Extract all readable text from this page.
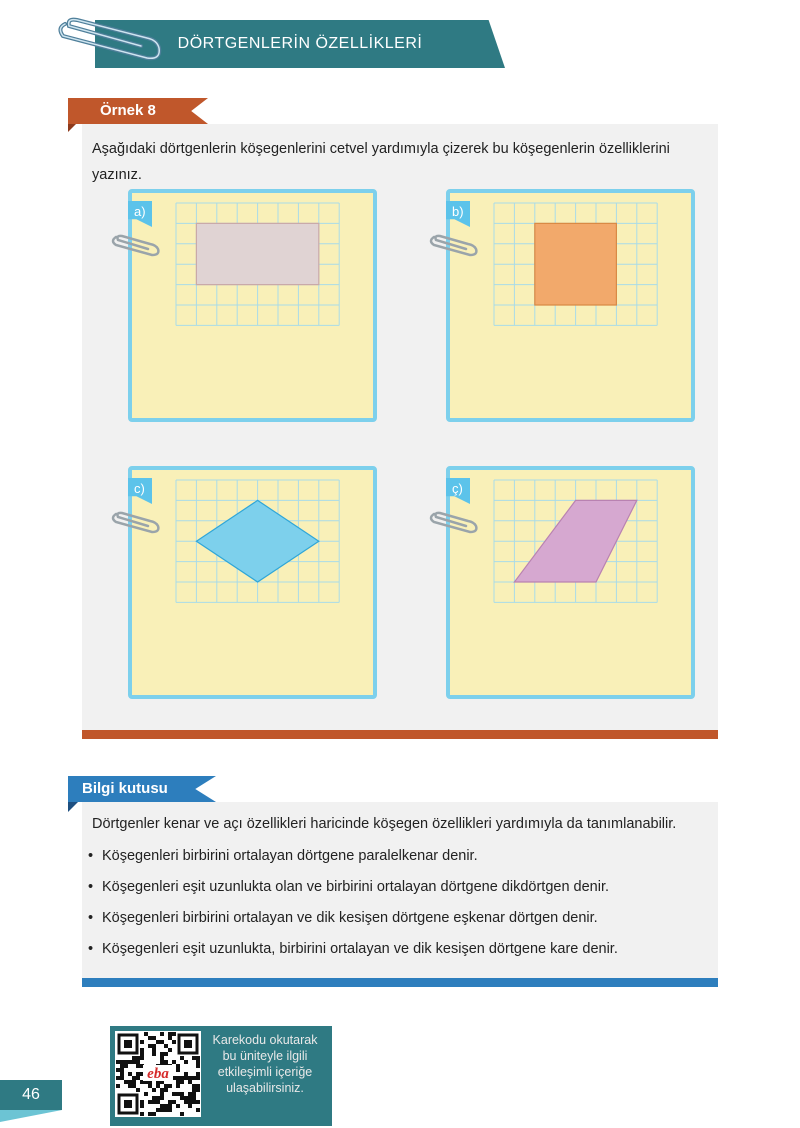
DÖRTGENLERİN ÖZELLİKLERİ
Örnek 8
Aşağıdaki dörtgenlerin köşegenlerini cetvel yardımıyla çizerek bu köşegenlerin özelliklerini yazınız.
a)	b)
c)	ç)
Bilgi kutusu
Dörtgenler kenar ve açı özellikleri haricinde köşegen özellikleri yardımıyla da tanımlanabilir.
• Köşegenleri birbirini ortalayan dörtgene paralelkenar denir.
• Köşegenleri eşit uzunlukta olan ve birbirini ortalayan dörtgene dikdörtgen denir.
• Köşegenleri birbirini ortalayan ve dik kesişen dörtgene eşkenar dörtgen denir.
• Köşegenleri eşit uzunlukta, birbirini ortalayan ve dik kesişen dörtgene kare denir.
46
eba
Karekodu okutarak
bu üniteyle ilgili
etkileşimli içeriğe
ulaşabilirsiniz.
